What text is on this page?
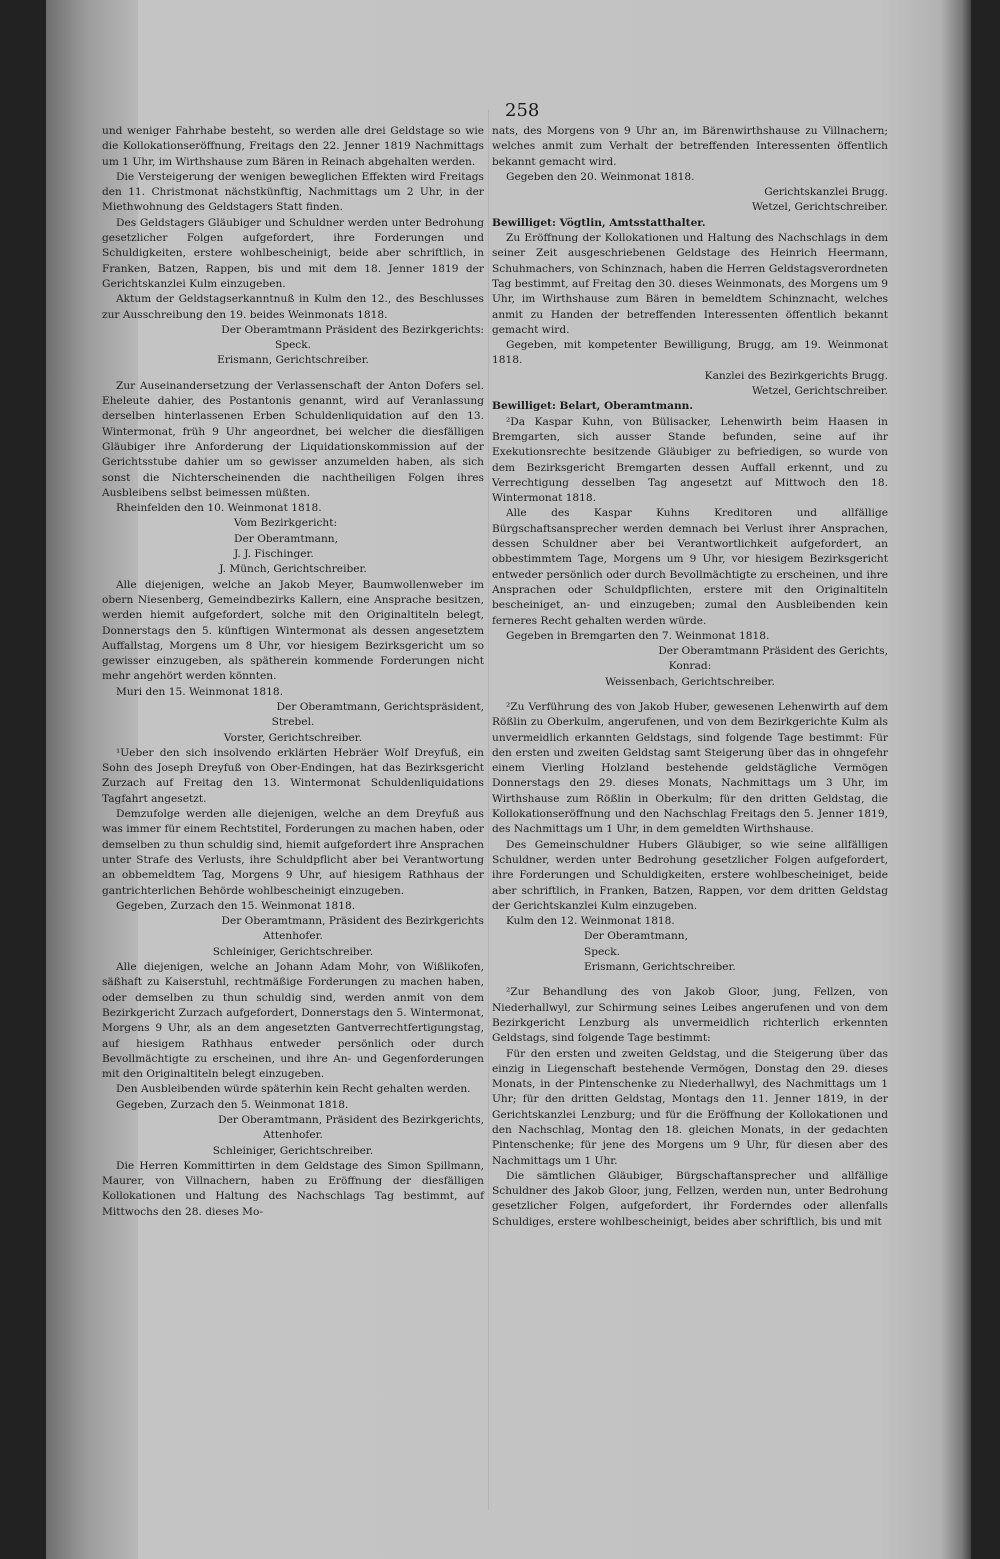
258

und weniger Fahrhabe besteht, so werden alle drei Geldstage so wie die Kollokationseröffnung, Freitags den 22. Jenner 1819 Nachmittags um 1 Uhr, im Wirthshause zum Bären in Reinach abgehalten werden.

Die Versteigerung der wenigen beweglichen Effekten wird Freitags den 11. Christmonat nächstkünftig, Nachmittags um 2 Uhr, in der Miethwohnung des Geldstagers Statt finden.

Des Geldstagers Gläubiger und Schuldner werden unter Bedrohung gesetzlicher Folgen aufgefordert, ihre Forderungen und Schuldigkeiten, erstere wohlbescheinigt, beide aber schriftlich, in Franken, Batzen, Rappen, bis und mit dem 18. Jenner 1819 der Gerichtskanzlei Kulm einzugeben.

Aktum der Geldstagserkanntnuß in Kulm den 12., des Beschlusses zur Ausschreibung den 19. beides Weinmonats 1818.

Der Oberamtmann Präsident des Bezirkgerichts:
Speck.
Erismann, Gerichtschreiber.

Zur Auseinandersetzung der Verlassenschaft der Anton Dofers sel. Eheleute dahier, des Postantonis genannt, wird auf Veranlassung derselben hinterlassenen Erben Schuldenliquidation auf den 13. Wintermonat, früh 9 Uhr angeordnet, bei welcher die diesfälligen Gläubiger ihre Anforderung der Liquidationskommission auf der Gerichtsstube dahier um so gewisser anzumelden haben, als sich sonst die Nichterscheinenden die nachtheiligen Folgen ihres Ausbleibens selbst beimessen müßten.

Rheinfelden den 10. Weinmonat 1818.
Vom Bezirkgericht:
Der Oberamtmann,
J. J. Fischinger.
J. Münch, Gerichtschreiber.

Alle diejenigen, welche an Jakob Meyer, Baumwollenweber im obern Niesenberg, Gemeindbezirks Kallern, eine Ansprache besitzen, werden hiemit aufgefordert, solche mit den Originaltiteln belegt, Donnerstags den 5. künftigen Wintermonat als dessen angesetztem Auffallstag, Morgens um 8 Uhr, vor hiesigem Bezirksgericht um so gewisser einzugeben, als spätherein kommende Forderungen nicht mehr angehört werden könnten.

Muri den 15. Weinmonat 1818.
Der Oberamtmann, Gerichtspräsident,
Strebel.
Vorster, Gerichtschreiber.

¹Ueber den sich insolvendo erklärten Hebräer Wolf Dreyfuß, ein Sohn des Joseph Dreyfuß von Ober-Endingen, hat das Bezirksgericht Zurzach auf Freitag den 13. Wintermonat Schuldenliquidations Tagfahrt angesetzt.

Demzufolge werden alle diejenigen, welche an dem Dreyfuß aus was immer für einem Rechtstitel, Forderungen zu machen haben, oder demselben zu thun schuldig sind, hiemit aufgefordert ihre Ansprachen unter Strafe des Verlusts, ihre Schuldpflicht aber bei Verantwortung an obbemeldtem Tag, Morgens 9 Uhr, auf hiesigem Rathhaus der gantrichterlichen Behörde wohlbescheinigt einzugeben.

Gegeben, Zurzach den 15. Weinmonat 1818.
Der Oberamtmann, Präsident des Bezirkgerichts
Attenhofer.
Schleiniger, Gerichtschreiber.

Alle diejenigen, welche an Johann Adam Mohr, von Wißlikofen, säßhaft zu Kaiserstuhl, rechtmäßige Forderungen zu machen haben, oder demselben zu thun schuldig sind, werden anmit von dem Bezirkgericht Zurzach aufgefordert, Donnerstags den 5. Wintermonat, Morgens 9 Uhr, als an dem angesetzten Gantverrechtfertigungstag, auf hiesigem Rathhaus entweder persönlich oder durch Bevollmächtigte zu erscheinen, und ihre An- und Gegenforderungen mit den Originaltiteln belegt einzugeben.

Den Ausbleibenden würde späterhin kein Recht gehalten werden.

Gegeben, Zurzach den 5. Weinmonat 1818.
Der Oberamtmann, Präsident des Bezirkgerichts,
Attenhofer.
Schleiniger, Gerichtschreiber.

Die Herren Kommittirten in dem Geldstage des Simon Spillmann, Maurer, von Villnachern, haben zu Eröffnung der diesfälligen Kollokationen und Haltung des Nachschlags Tag bestimmt, auf Mittwochs den 28. dieses Mo-

nats, des Morgens von 9 Uhr an, im Bärenwirthshause zu Villnachern; welches anmit zum Verhalt der betreffenden Interessenten öffentlich bekannt gemacht wird.

Gegeben den 20. Weinmonat 1818.
Gerichtskanzlei Brugg.
Wetzel, Gerichtschreiber.
Bewilliget: Vögtlin, Amtsstatthalter.

Zu Eröffnung der Kollokationen und Haltung des Nachschlags in dem seiner Zeit ausgeschriebenen Geldstage des Heinrich Heermann, Schuhmachers, von Schinznach, haben die Herren Geldstagsverordneten Tag bestimmt, auf Freitag den 30. dieses Weinmonats, des Morgens um 9 Uhr, im Wirthshause zum Bären in bemeldtem Schinznacht, welches anmit zu Handen der betreffenden Interessenten öffentlich bekannt gemacht wird.

Gegeben, mit kompetenter Bewilligung, Brugg, am 19. Weinmonat 1818.

Kanzlei des Bezirkgerichts Brugg.
Wetzel, Gerichtschreiber.
Bewilliget: Belart, Oberamtmann.

²Da Kaspar Kuhn, von Bülisacker, Lehenwirth beim Haasen in Bremgarten, sich ausser Stande befunden, seine auf ihr Exekutionsrechte besitzende Gläubiger zu befriedigen, so wurde von dem Bezirksgericht Bremgarten dessen Auffall erkennt, und zu Verrechtigung desselben Tag angesetzt auf Mittwoch den 18. Wintermonat 1818.

Alle des Kaspar Kuhns Kreditoren und allfällige Bürgschaftsansprecher werden demnach bei Verlust ihrer Ansprachen, dessen Schuldner aber bei Verantwortlichkeit aufgefordert, an obbestimmtem Tage, Morgens um 9 Uhr, vor hiesigem Bezirksgericht entweder persönlich oder durch Bevollmächtigte zu erscheinen, und ihre Ansprachen oder Schuldpflichten, erstere mit den Originaltiteln bescheiniget, an- und einzugeben; zumal den Ausbleibenden kein ferneres Recht gehalten werden würde.

Gegeben in Bremgarten den 7. Weinmonat 1818.
Der Oberamtmann Präsident des Gerichts,
Konrad:
Weissenbach, Gerichtschreiber.

²Zu Verführung des von Jakob Huber, gewesenen Lehenwirth auf dem Rößlin zu Oberkulm, angerufenen, und von dem Bezirkgerichte Kulm als unvermeidlich erkannten Geldstags, sind folgende Tage bestimmt: Für den ersten und zweiten Geldstag samt Steigerung über das in ohngefehr einem Vierling Holzland bestehende geldstägliche Vermögen Donnerstags den 29. dieses Monats, Nachmittags um 3 Uhr, im Wirthshause zum Rößlin in Oberkulm; für den dritten Geldstag, die Kollokationseröffnung und den Nachschlag Freitags den 5. Jenner 1819, des Nachmittags um 1 Uhr, in dem gemeldten Wirthshause.

Des Gemeinschuldner Hubers Gläubiger, so wie seine allfälligen Schuldner, werden unter Bedrohung gesetzlicher Folgen aufgefordert, ihre Forderungen und Schuldigkeiten, erstere wohlbescheiniget, beide aber schriftlich, in Franken, Batzen, Rappen, vor dem dritten Geldstag der Gerichtskanzlei Kulm einzugeben.

Kulm den 12. Weinmonat 1818.
Der Oberamtmann,
Speck.
Erismann, Gerichtschreiber.

²Zur Behandlung des von Jakob Gloor, jung, Fellzen, von Niederhallwyl, zur Schirmung seines Leibes angerufenen und von dem Bezirkgericht Lenzburg als unvermeidlich richterlich erkennten Geldstags, sind folgende Tage bestimmt:

Für den ersten und zweiten Geldstag, und die Steigerung über das einzig in Liegenschaft bestehende Vermögen, Donstag den 29. dieses Monats, in der Pintenschenke zu Niederhallwyl, des Nachmittags um 1 Uhr; für den dritten Geldstag, Montags den 11. Jenner 1819, in der Gerichtskanzlei Lenzburg; und für die Eröffnung der Kollokationen und den Nachschlag, Montag den 18. gleichen Monats, in der gedachten Pintenschenke; für jene des Morgens um 9 Uhr, für diesen aber des Nachmittags um 1 Uhr.

Die sämtlichen Gläubiger, Bürgschaftansprecher und allfällige Schuldner des Jakob Gloor, jung, Fellzen, werden nun, unter Bedrohung gesetzlicher Folgen, aufgefordert, ihr Forderndes oder allenfalls Schuldiges, erstere wohlbescheinigt, beides aber schriftlich, bis und mit
